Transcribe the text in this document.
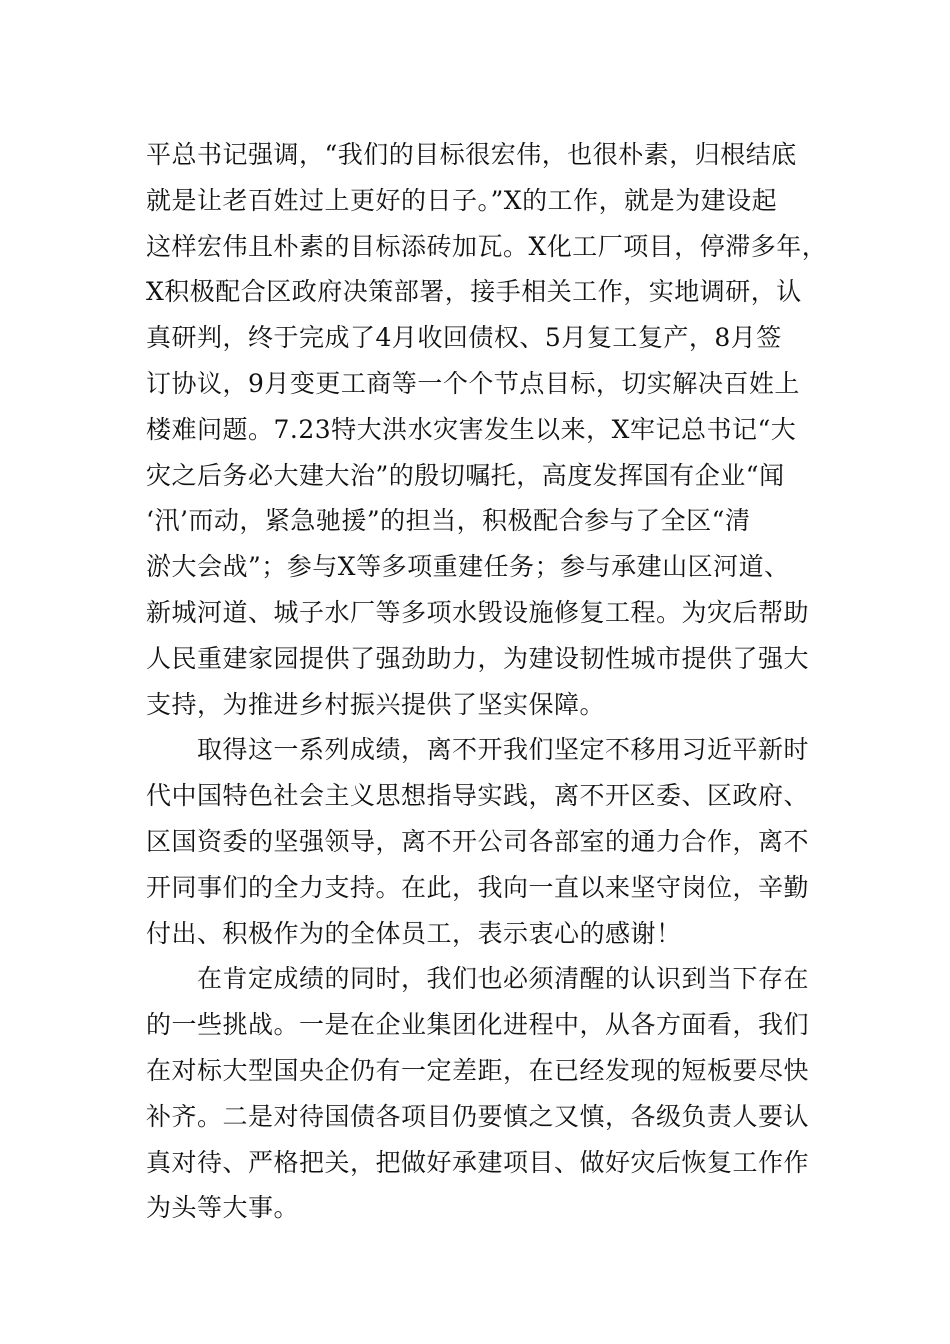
平总书记强调，“我们的目标很宏伟，也很朴素，归根结底
就是让老百姓过上更好的日子。”X的工作，就是为建设起
这样宏伟且朴素的目标添砖加瓦。X化工厂项目，停滞多年，
X积极配合区政府决策部署，接手相关工作，实地调研，认
真研判，终于完成了4月收回债权、5月复工复产，8月签
订协议，9月变更工商等一个个节点目标，切实解决百姓上
楼难问题。7.23特大洪水灾害发生以来，X牢记总书记“大
灾之后务必大建大治”的殷切嘱托，高度发挥国有企业“闻
‘汛’而动，紧急驰援”的担当，积极配合参与了全区“清
淤大会战”；参与X等多项重建任务；参与承建山区河道、
新城河道、城子水厂等多项水毁设施修复工程。为灾后帮助
人民重建家园提供了强劲助力，为建设韧性城市提供了强大
支持，为推进乡村振兴提供了坚实保障。
　　取得这一系列成绩，离不开我们坚定不移用习近平新时
代中国特色社会主义思想指导实践，离不开区委、区政府、
区国资委的坚强领导，离不开公司各部室的通力合作，离不
开同事们的全力支持。在此，我向一直以来坚守岗位，辛勤
付出、积极作为的全体员工，表示衷心的感谢！
　　在肯定成绩的同时，我们也必须清醒的认识到当下存在
的一些挑战。一是在企业集团化进程中，从各方面看，我们
在对标大型国央企仍有一定差距，在已经发现的短板要尽快
补齐。二是对待国债各项目仍要慎之又慎，各级负责人要认
真对待、严格把关，把做好承建项目、做好灾后恢复工作作
为头等大事。
